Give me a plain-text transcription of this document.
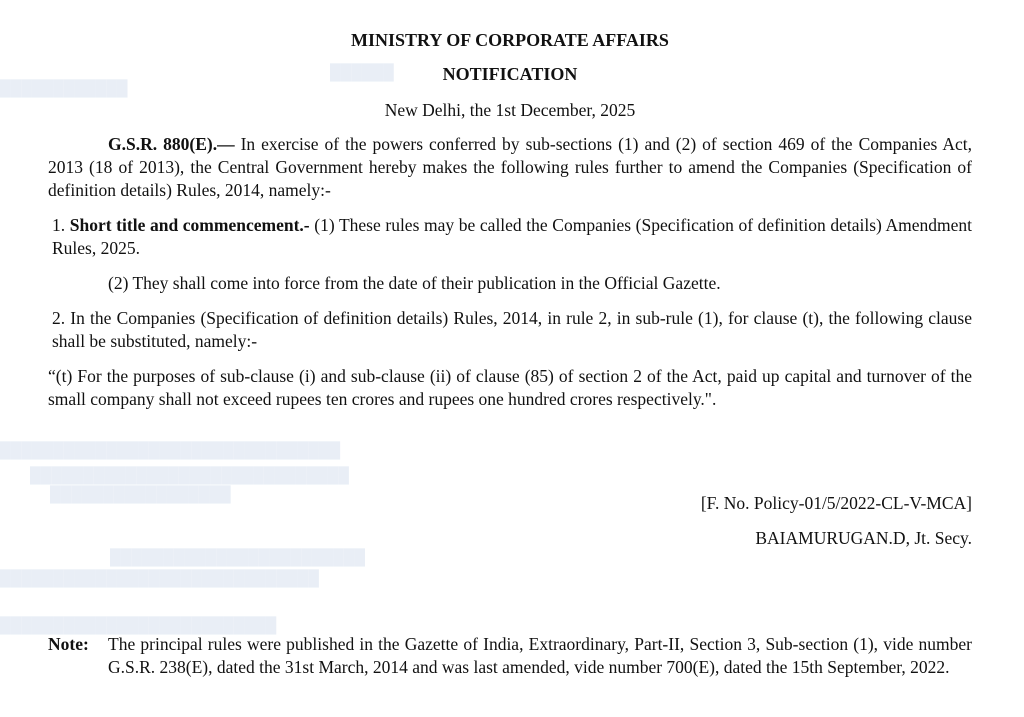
████████████
██████
████████████████████████████████
██████████████████████████████
█████████████████
████████████████████████
██████████████████████████████
██████████████████████████
MINISTRY OF CORPORATE AFFAIRS
NOTIFICATION
New Delhi, the 1st December, 2025
G.S.R. 880(E).— In exercise of the powers conferred by sub-sections (1) and (2) of section 469 of the Companies Act, 2013 (18 of 2013), the Central Government hereby makes the following rules further to amend the Companies (Specification of definition details) Rules, 2014, namely:-
1. Short title and commencement.- (1) These rules may be called the Companies (Specification of definition details) Amendment Rules, 2025.
(2) They shall come into force from the date of their publication in the Official Gazette.
2. In the Companies (Specification of definition details) Rules, 2014, in rule 2, in sub-rule (1), for clause (t), the following clause shall be substituted, namely:-
“(t) For the purposes of sub-clause (i) and sub-clause (ii) of clause (85) of section 2 of the Act, paid up capital and turnover of the small company shall not exceed rupees ten crores and rupees one hundred crores respectively.".
[F. No. Policy-01/5/2022-CL-V-MCA]
BAIAMURUGAN.D, Jt. Secy.
Note:	The principal rules were published in the Gazette of India, Extraordinary, Part-II, Section 3, Sub-section (1), vide number G.S.R. 238(E), dated the 31st March, 2014 and was last amended, vide number 700(E), dated the 15th September, 2022.
